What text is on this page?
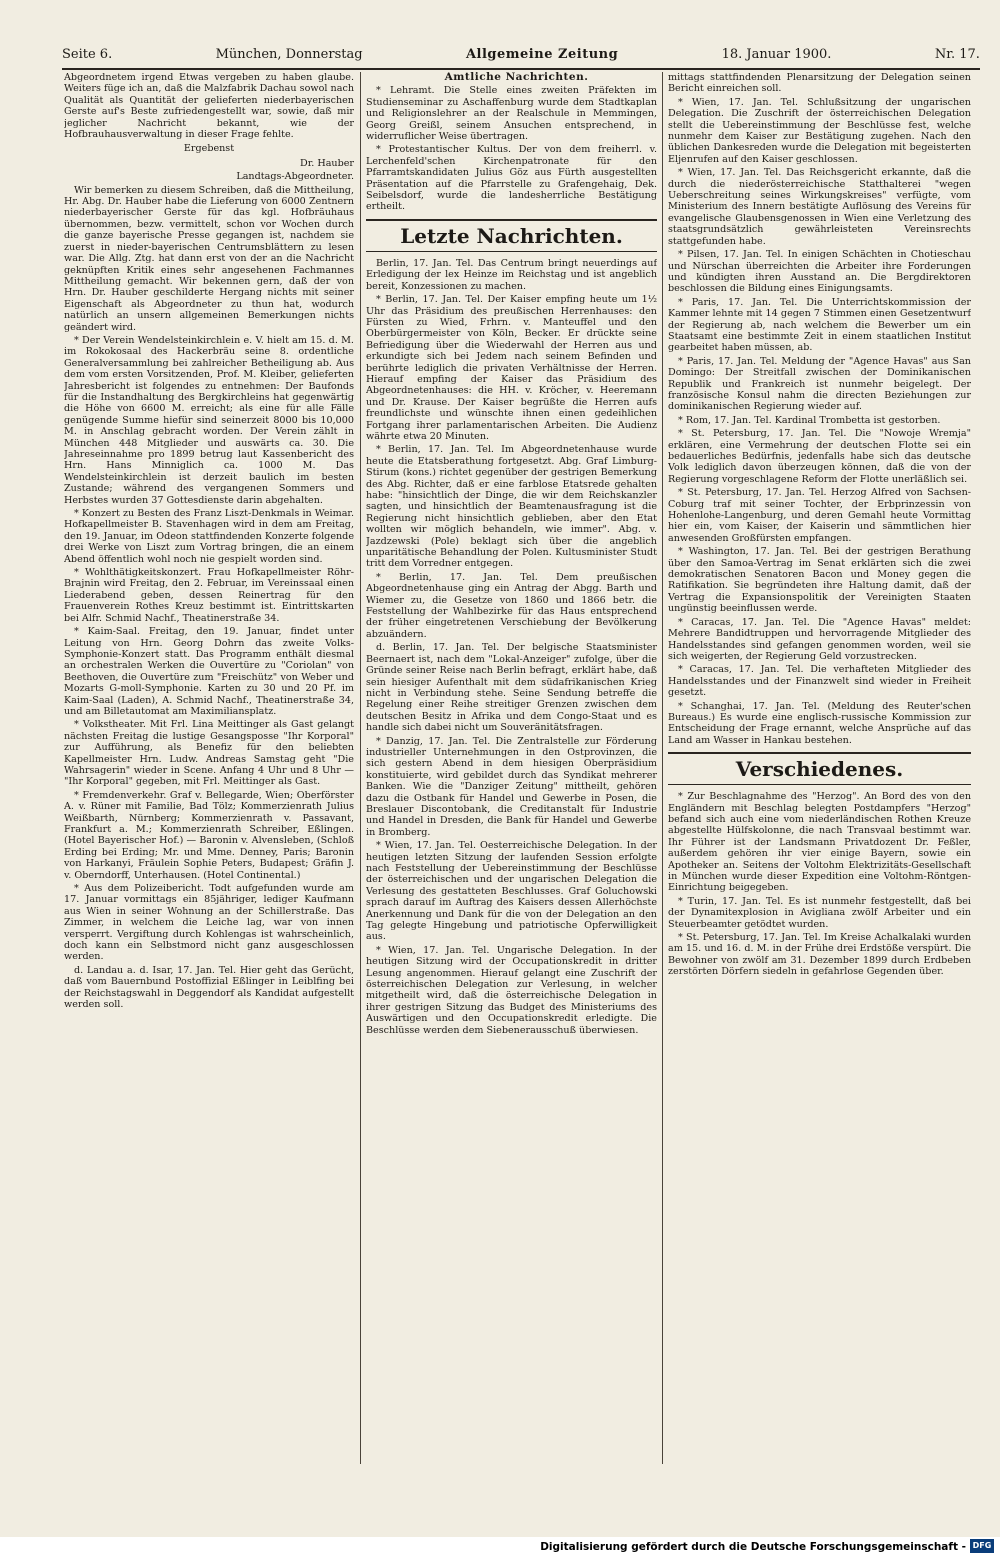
Seite 6.	München, Donnerstag	Allgemeine Zeitung	18. Januar 1900.	Nr. 17.

Abgeordnetem irgend Etwas vergeben zu haben glaube. Weiters füge ich an, daß die Malzfabrik Dachau sowol nach Qualität als Quantität der gelieferten niederbayerischen Gerste auf's Beste zufriedengestellt war, sowie, daß mir jeglicher Nachricht bekannt, wie der Hofbrauhausverwaltung in dieser Frage fehlte.

Ergebenst

Dr. Hauber

Landtags-Abgeordneter.

Wir bemerken zu diesem Schreiben, daß die Mittheilung, Hr. Abg. Dr. Hauber habe die Lieferung von 6000 Zentnern niederbayerischer Gerste für das kgl. Hofbräuhaus übernommen, bezw. vermittelt, schon vor Wochen durch die ganze bayerische Presse gegangen ist, nachdem sie zuerst in nieder-bayerischen Centrumsblättern zu lesen war. Die Allg. Ztg. hat dann erst von der an die Nachricht geknüpften Kritik eines sehr angesehenen Fachmannes Mittheilung gemacht. Wir bekennen gern, daß der von Hrn. Dr. Hauber geschilderte Hergang nichts mit seiner Eigenschaft als Abgeordneter zu thun hat, wodurch natürlich an unsern allgemeinen Bemerkungen nichts geändert wird.

* Der Verein Wendelsteinkirchlein e. V. hielt am 15. d. M. im Rokokosaal des Hackerbräu seine 8. ordentliche Generalversammlung bei zahlreicher Betheiligung ab. Aus dem vom ersten Vorsitzenden, Prof. M. Kleiber, gelieferten Jahresbericht ist folgendes zu entnehmen: Der Baufonds für die Instandhaltung des Bergkirchleins hat gegenwärtig die Höhe von 6600 M. erreicht; als eine für alle Fälle genügende Summe hiefür sind seinerzeit 8000 bis 10,000 M. in Anschlag gebracht worden. Der Verein zählt in München 448 Mitglieder und auswärts ca. 30. Die Jahreseinnahme pro 1899 betrug laut Kassenbericht des Hrn. Hans Minniglich ca. 1000 M. Das Wendelsteinkirchlein ist derzeit baulich im besten Zustande; während des vergangenen Sommers und Herbstes wurden 37 Gottesdienste darin abgehalten.

* Konzert zu Besten des Franz Liszt-Denkmals in Weimar. Hofkapellmeister B. Stavenhagen wird in dem am Freitag, den 19. Januar, im Odeon stattfindenden Konzerte folgende drei Werke von Liszt zum Vortrag bringen, die an einem Abend öffentlich wohl noch nie gespielt worden sind.

* Wohlthätigkeitskonzert. Frau Hofkapellmeister Röhr-Brajnin wird Freitag, den 2. Februar, im Vereinssaal einen Liederabend geben, dessen Reinertrag für den Frauenverein Rothes Kreuz bestimmt ist. Eintrittskarten bei Alfr. Schmid Nachf., Theatinerstraße 34.

* Kaim-Saal. Freitag, den 19. Januar, findet unter Leitung von Hrn. Georg Dohrn das zweite Volks-Symphonie-Konzert statt. Das Programm enthält diesmal an orchestralen Werken die Ouvertüre zu "Coriolan" von Beethoven, die Ouvertüre zum "Freischütz" von Weber und Mozarts G-moll-Symphonie. Karten zu 30 und 20 Pf. im Kaim-Saal (Laden), A. Schmid Nachf., Theatinerstraße 34, und am Billetautomat am Maximiliansplatz.

* Volkstheater. Mit Frl. Lina Meittinger als Gast gelangt nächsten Freitag die lustige Gesangsposse "Ihr Korporal" zur Aufführung, als Benefiz für den beliebten Kapellmeister Hrn. Ludw. Andreas Samstag geht "Die Wahrsagerin" wieder in Scene. Anfang 4 Uhr und 8 Uhr — "Ihr Korporal" gegeben, mit Frl. Meittinger als Gast.

* Fremdenverkehr. Graf v. Bellegarde, Wien; Oberförster A. v. Rüner mit Familie, Bad Tölz; Kommerzienrath Julius Weißbarth, Nürnberg; Kommerzienrath v. Passavant, Frankfurt a. M.; Kommerzienrath Schreiber, Eßlingen. (Hotel Bayerischer Hof.) — Baronin v. Alvensleben, (Schloß Erding bei Erding; Mr. und Mme. Denney, Paris; Baronin von Harkanyi, Fräulein Sophie Peters, Budapest; Gräfin J. v. Oberndorff, Unterhausen. (Hotel Continental.)

* Aus dem Polizeibericht. Todt aufgefunden wurde am 17. Januar vormittags ein 85jähriger, lediger Kaufmann aus Wien in seiner Wohnung an der Schillerstraße. Das Zimmer, in welchem die Leiche lag, war von innen versperrt. Vergiftung durch Kohlengas ist wahrscheinlich, doch kann ein Selbstmord nicht ganz ausgeschlossen werden.

d. Landau a. d. Isar, 17. Jan. Tel. Hier geht das Gerücht, daß vom Bauernbund Postoffizial Eßlinger in Leiblfing bei der Reichstagswahl in Deggendorf als Kandidat aufgestellt werden soll.

Amtliche Nachrichten.

* Lehramt. Die Stelle eines zweiten Präfekten im Studienseminar zu Aschaffenburg wurde dem Stadtkaplan und Religionslehrer an der Realschule in Memmingen, Georg Greißl, seinem Ansuchen entsprechend, in widerruflicher Weise übertragen.

* Protestantischer Kultus. Der von dem freiherrl. v. Lerchenfeld'schen Kirchenpatronate für den Pfarramtskandidaten Julius Göz aus Fürth ausgestellten Präsentation auf die Pfarrstelle zu Grafengehaig, Dek. Seibelsdorf, wurde die landesherrliche Bestätigung ertheilt.

Letzte Nachrichten.

Berlin, 17. Jan. Tel. Das Centrum bringt neuerdings auf Erledigung der lex Heinze im Reichstag und ist angeblich bereit, Konzessionen zu machen.

* Berlin, 17. Jan. Tel. Der Kaiser empfing heute um 1½ Uhr das Präsidium des preußischen Herrenhauses: den Fürsten zu Wied, Frhrn. v. Manteuffel und den Oberbürgermeister von Köln, Becker. Er drückte seine Befriedigung über die Wiederwahl der Herren aus und erkundigte sich bei Jedem nach seinem Befinden und berührte lediglich die privaten Verhältnisse der Herren. Hierauf empfing der Kaiser das Präsidium des Abgeordnetenhauses: die HH. v. Kröcher, v. Heeremann und Dr. Krause. Der Kaiser begrüßte die Herren aufs freundlichste und wünschte ihnen einen gedeihlichen Fortgang ihrer parlamentarischen Arbeiten. Die Audienz währte etwa 20 Minuten.

* Berlin, 17. Jan. Tel. Im Abgeordnetenhause wurde heute die Etatsberathung fortgesetzt. Abg. Graf Limburg-Stirum (kons.) richtet gegenüber der gestrigen Bemerkung des Abg. Richter, daß er eine farblose Etatsrede gehalten habe: "hinsichtlich der Dinge, die wir dem Reichskanzler sagten, und hinsichtlich der Beamtenausfragung ist die Regierung nicht hinsichtlich geblieben, aber den Etat wollten wir möglich behandeln, wie immer". Abg. v. Jazdzewski (Pole) beklagt sich über die angeblich unparitätische Behandlung der Polen. Kultusminister Studt tritt dem Vorredner entgegen.

* Berlin, 17. Jan. Tel. Dem preußischen Abgeordnetenhause ging ein Antrag der Abgg. Barth und Wiemer zu, die Gesetze von 1860 und 1866 betr. die Feststellung der Wahlbezirke für das Haus entsprechend der früher eingetretenen Verschiebung der Bevölkerung abzuändern.

d. Berlin, 17. Jan. Tel. Der belgische Staatsminister Beernaert ist, nach dem "Lokal-Anzeiger" zufolge, über die Gründe seiner Reise nach Berlin befragt, erklärt habe, daß sein hiesiger Aufenthalt mit dem südafrikanischen Krieg nicht in Verbindung stehe. Seine Sendung betreffe die Regelung einer Reihe streitiger Grenzen zwischen dem deutschen Besitz in Afrika und dem Congo-Staat und es handle sich dabei nicht um Souveränitätsfragen.

* Danzig, 17. Jan. Tel. Die Zentralstelle zur Förderung industrieller Unternehmungen in den Ostprovinzen, die sich gestern Abend in dem hiesigen Oberpräsidium konstituierte, wird gebildet durch das Syndikat mehrerer Banken. Wie die "Danziger Zeitung" mittheilt, gehören dazu die Ostbank für Handel und Gewerbe in Posen, die Breslauer Discontobank, die Creditanstalt für Industrie und Handel in Dresden, die Bank für Handel und Gewerbe in Bromberg.

* Wien, 17. Jan. Tel. Oesterreichische Delegation. In der heutigen letzten Sitzung der laufenden Session erfolgte nach Feststellung der Uebereinstimmung der Beschlüsse der österreichischen und der ungarischen Delegation die Verlesung des gestatteten Beschlusses. Graf Goluchowski sprach darauf im Auftrag des Kaisers dessen Allerhöchste Anerkennung und Dank für die von der Delegation an den Tag gelegte Hingebung und patriotische Opferwilligkeit aus.

* Wien, 17. Jan. Tel. Ungarische Delegation. In der heutigen Sitzung wird der Occupationskredit in dritter Lesung angenommen. Hierauf gelangt eine Zuschrift der österreichischen Delegation zur Verlesung, in welcher mitgetheilt wird, daß die österreichische Delegation in ihrer gestrigen Sitzung das Budget des Ministeriums des Auswärtigen und den Occupationskredit erledigte. Die Beschlüsse werden dem Siebenerausschuß überwiesen.

mittags stattfindenden Plenarsitzung der Delegation seinen Bericht einreichen soll.

* Wien, 17. Jan. Tel. Schlußsitzung der ungarischen Delegation. Die Zuschrift der österreichischen Delegation stellt die Uebereinstimmung der Beschlüsse fest, welche nunmehr dem Kaiser zur Bestätigung zugehen. Nach den üblichen Dankesreden wurde die Delegation mit begeisterten Eljenrufen auf den Kaiser geschlossen.

* Wien, 17. Jan. Tel. Das Reichsgericht erkannte, daß die durch die niederösterreichische Statthalterei "wegen Ueberschreitung seines Wirkungskreises" verfügte, vom Ministerium des Innern bestätigte Auflösung des Vereins für evangelische Glaubensgenossen in Wien eine Verletzung des staatsgrundsätzlich gewährleisteten Vereinsrechts stattgefunden habe.

* Pilsen, 17. Jan. Tel. In einigen Schächten in Chotieschau und Nürschan überreichten die Arbeiter ihre Forderungen und kündigten ihren Ausstand an. Die Bergdirektoren beschlossen die Bildung eines Einigungsamts.

* Paris, 17. Jan. Tel. Die Unterrichtskommission der Kammer lehnte mit 14 gegen 7 Stimmen einen Gesetzentwurf der Regierung ab, nach welchem die Bewerber um ein Staatsamt eine bestimmte Zeit in einem staatlichen Institut gearbeitet haben müssen, ab.

* Paris, 17. Jan. Tel. Meldung der "Agence Havas" aus San Domingo: Der Streitfall zwischen der Dominikanischen Republik und Frankreich ist nunmehr beigelegt. Der französische Konsul nahm die directen Beziehungen zur dominikanischen Regierung wieder auf.

* Rom, 17. Jan. Tel. Kardinal Trombetta ist gestorben.

* St. Petersburg, 17. Jan. Tel. Die "Nowoje Wremja" erklären, eine Vermehrung der deutschen Flotte sei ein bedauerliches Bedürfnis, jedenfalls habe sich das deutsche Volk lediglich davon überzeugen können, daß die von der Regierung vorgeschlagene Reform der Flotte unerläßlich sei.

* St. Petersburg, 17. Jan. Tel. Herzog Alfred von Sachsen-Coburg traf mit seiner Tochter, der Erbprinzessin von Hohenlohe-Langenburg, und deren Gemahl heute Vormittag hier ein, vom Kaiser, der Kaiserin und sämmtlichen hier anwesenden Großfürsten empfangen.

* Washington, 17. Jan. Tel. Bei der gestrigen Berathung über den Samoa-Vertrag im Senat erklärten sich die zwei demokratischen Senatoren Bacon und Money gegen die Ratifikation. Sie begründeten ihre Haltung damit, daß der Vertrag die Expansionspolitik der Vereinigten Staaten ungünstig beeinflussen werde.

* Caracas, 17. Jan. Tel. Die "Agence Havas" meldet: Mehrere Bandidtruppen und hervorragende Mitglieder des Handelsstandes sind gefangen genommen worden, weil sie sich weigerten, der Regierung Geld vorzustrecken.

* Caracas, 17. Jan. Tel. Die verhafteten Mitglieder des Handelsstandes und der Finanzwelt sind wieder in Freiheit gesetzt.

* Schanghai, 17. Jan. Tel. (Meldung des Reuter'schen Bureaus.) Es wurde eine englisch-russische Kommission zur Entscheidung der Frage ernannt, welche Ansprüche auf das Land am Wasser in Hankau bestehen.

Verschiedenes.

* Zur Beschlagnahme des "Herzog". An Bord des von den Engländern mit Beschlag belegten Postdampfers "Herzog" befand sich auch eine vom niederländischen Rothen Kreuze abgestellte Hülfskolonne, die nach Transvaal bestimmt war. Ihr Führer ist der Landsmann Privatdozent Dr. Feßler, außerdem gehören ihr vier einige Bayern, sowie ein Apotheker an. Seitens der Voltohm Elektrizitäts-Gesellschaft in München wurde dieser Expedition eine Voltohm-Röntgen-Einrichtung beigegeben.

* Turin, 17. Jan. Tel. Es ist nunmehr festgestellt, daß bei der Dynamitexplosion in Avigliana zwölf Arbeiter und ein Steuerbeamter getödtet wurden.

* St. Petersburg, 17. Jan. Tel. Im Kreise Achalkalaki wurden am 15. und 16. d. M. in der Frühe drei Erdstöße verspürt. Die Bewohner von zwölf am 31. Dezember 1899 durch Erdbeben zerstörten Dörfern siedeln in gefahrlose Gegenden über.

Digitalisierung gefördert durch die Deutsche Forschungsgemeinschaft - DFG
